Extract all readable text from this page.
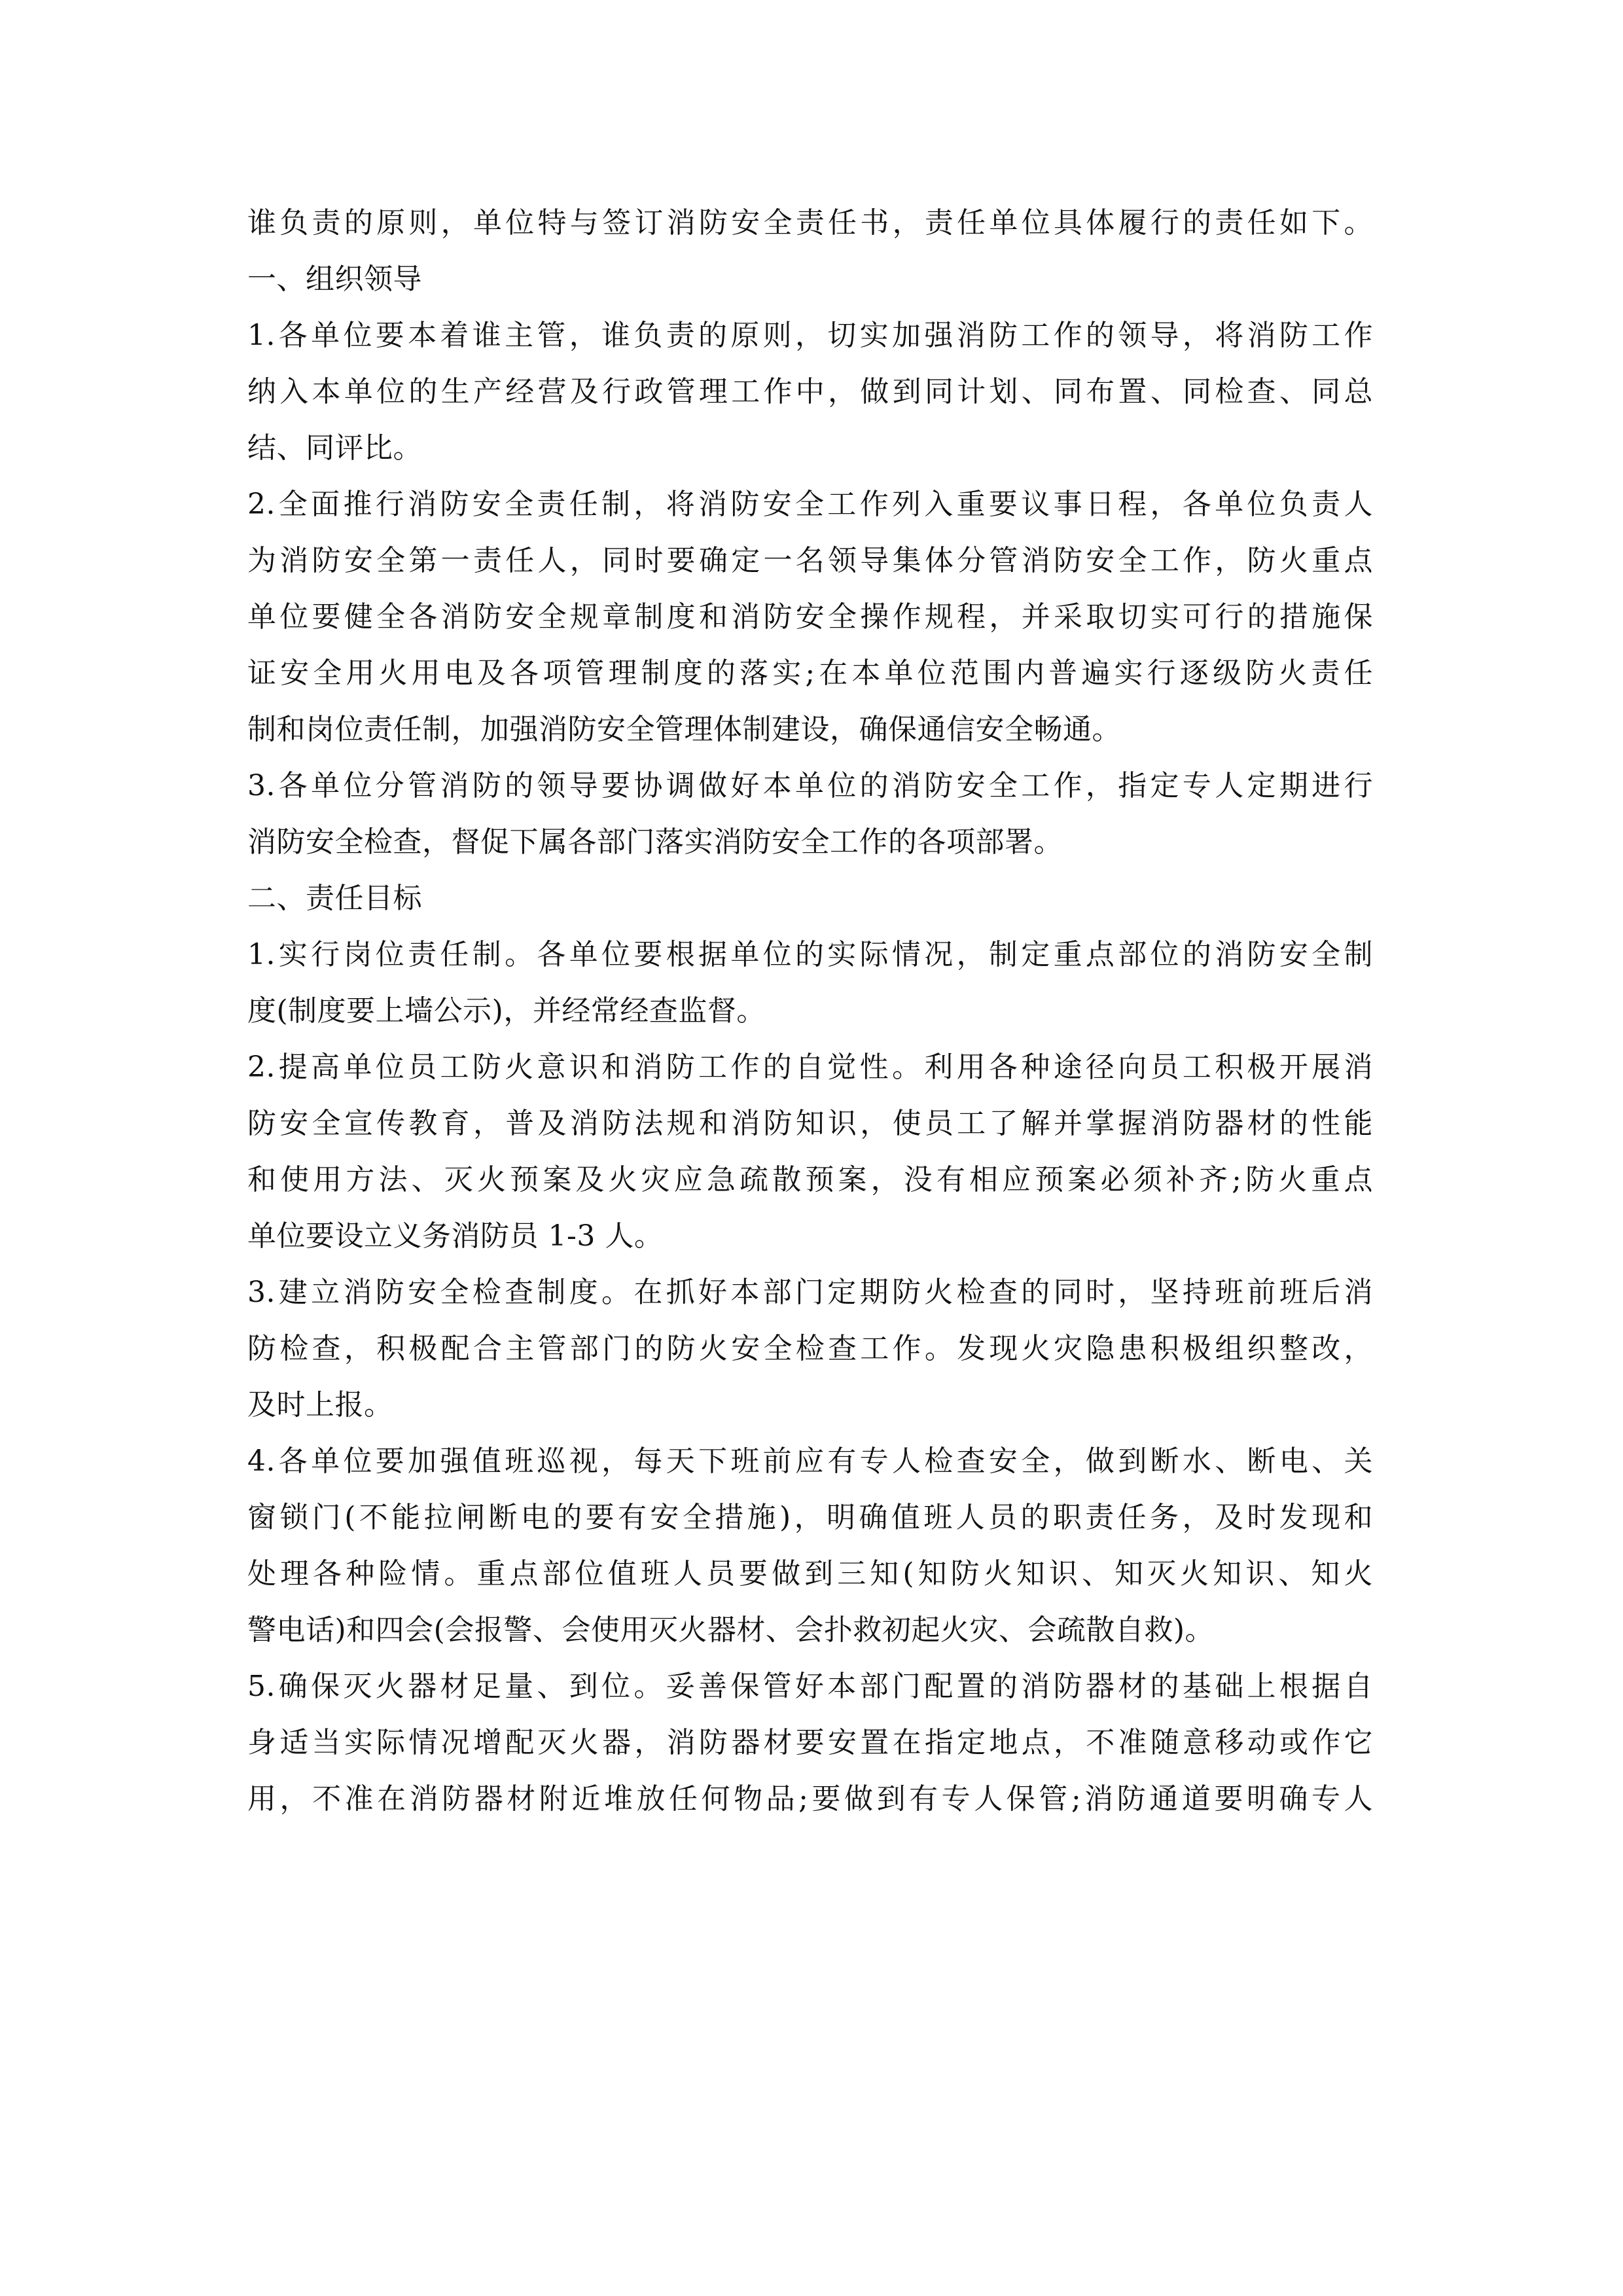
谁负责的原则，单位特与签订消防安全责任书，责任单位具体履行的责任如下。
一、组织领导
1.各单位要本着谁主管，谁负责的原则，切实加强消防工作的领导，将消防工作
纳入本单位的生产经营及行政管理工作中，做到同计划、同布置、同检查、同总
结、同评比。
2.全面推行消防安全责任制，将消防安全工作列入重要议事日程，各单位负责人
为消防安全第一责任人，同时要确定一名领导集体分管消防安全工作，防火重点
单位要健全各消防安全规章制度和消防安全操作规程，并采取切实可行的措施保
证安全用火用电及各项管理制度的落实;在本单位范围内普遍实行逐级防火责任
制和岗位责任制，加强消防安全管理体制建设，确保通信安全畅通。
3.各单位分管消防的领导要协调做好本单位的消防安全工作，指定专人定期进行
消防安全检查，督促下属各部门落实消防安全工作的各项部署。
二、责任目标
1.实行岗位责任制。各单位要根据单位的实际情况，制定重点部位的消防安全制
度(制度要上墙公示)，并经常经查监督。
2.提高单位员工防火意识和消防工作的自觉性。利用各种途径向员工积极开展消
防安全宣传教育，普及消防法规和消防知识，使员工了解并掌握消防器材的性能
和使用方法、灭火预案及火灾应急疏散预案，没有相应预案必须补齐;防火重点
单位要设立义务消防员 1-3 人。
3.建立消防安全检查制度。在抓好本部门定期防火检查的同时，坚持班前班后消
防检查，积极配合主管部门的防火安全检查工作。发现火灾隐患积极组织整改，
及时上报。
4.各单位要加强值班巡视，每天下班前应有专人检查安全，做到断水、断电、关
窗锁门(不能拉闸断电的要有安全措施)，明确值班人员的职责任务，及时发现和
处理各种险情。重点部位值班人员要做到三知(知防火知识、知灭火知识、知火
警电话)和四会(会报警、会使用灭火器材、会扑救初起火灾、会疏散自救)。
5.确保灭火器材足量、到位。妥善保管好本部门配置的消防器材的基础上根据自
身适当实际情况增配灭火器，消防器材要安置在指定地点，不准随意移动或作它
用，不准在消防器材附近堆放任何物品;要做到有专人保管;消防通道要明确专人
